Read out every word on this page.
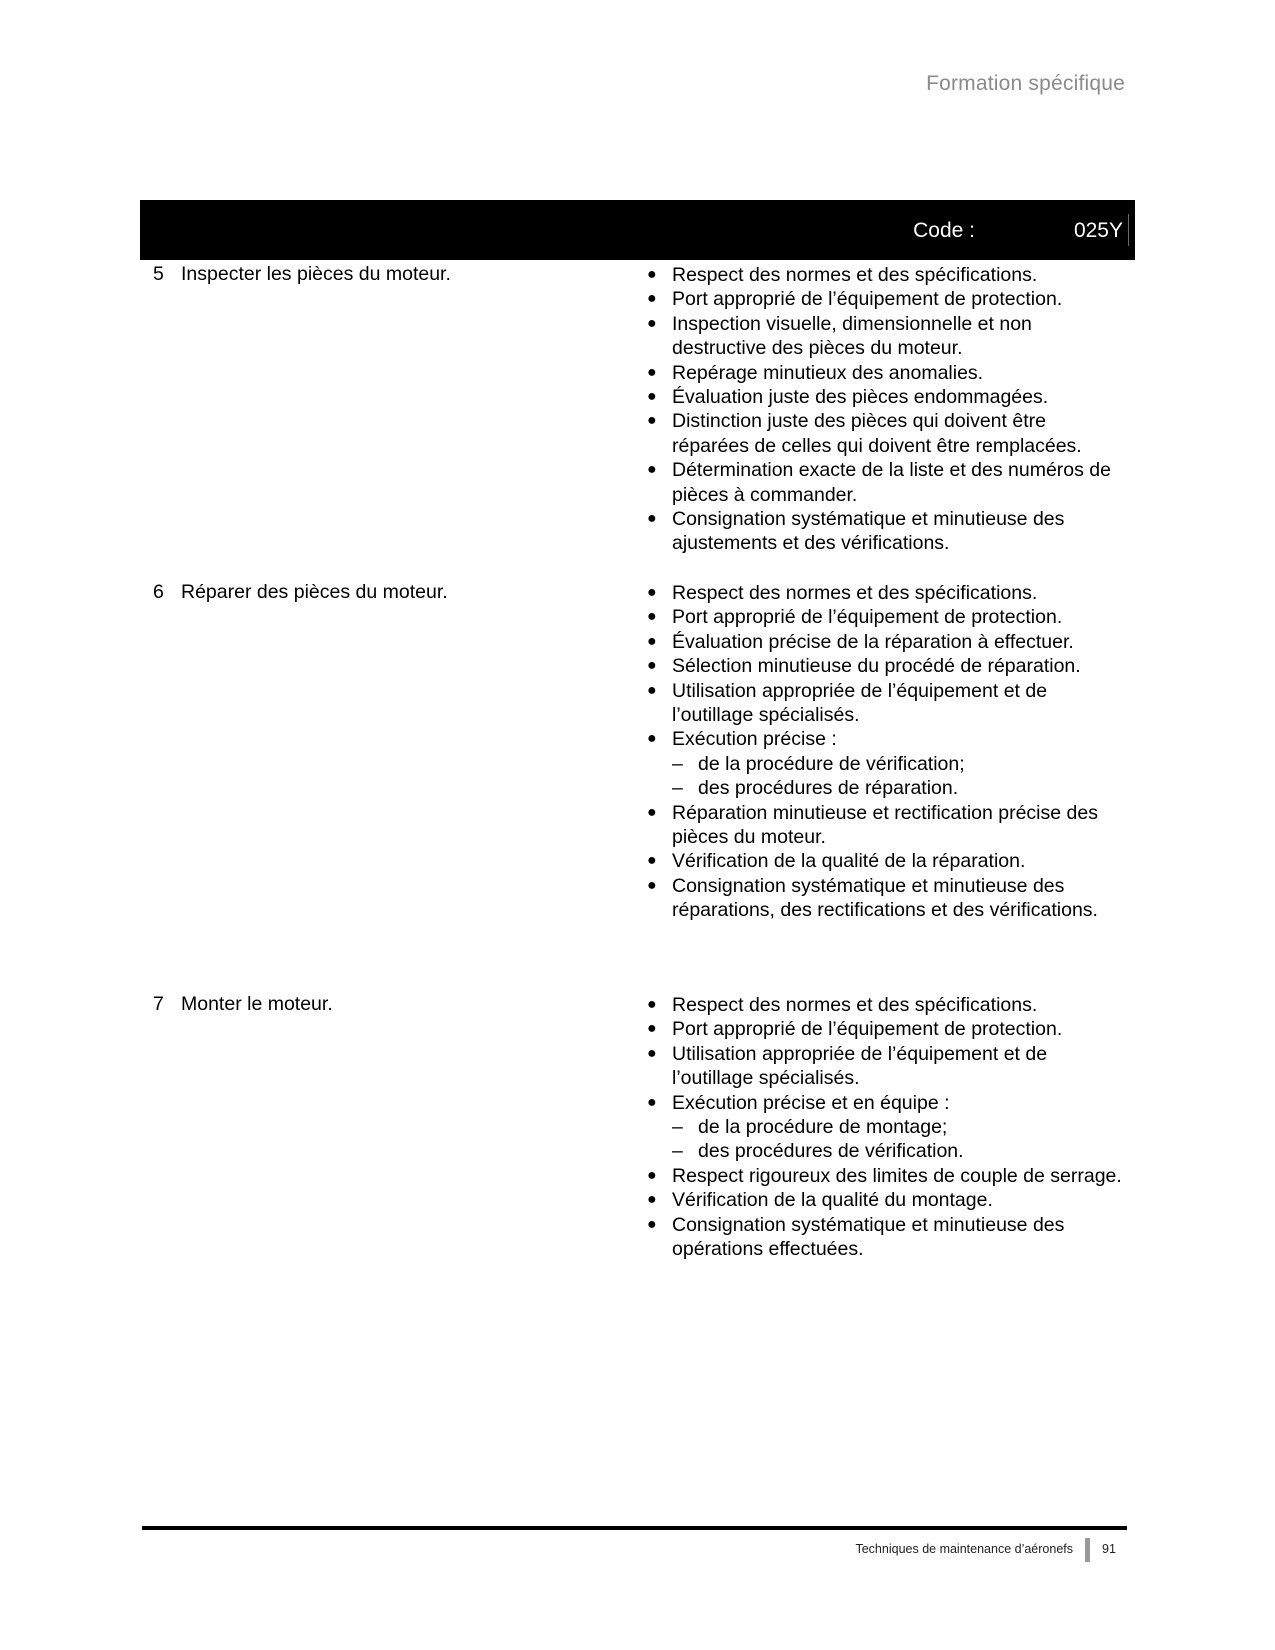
Formation spécifique
Code :	025Y
5 Inspecter les pièces du moteur.	● Respect des normes et des spécifications.
● Port approprié de l’équipement de protection.
● Inspection visuelle, dimensionnelle et non destructive des pièces du moteur.
● Repérage minutieux des anomalies.
● Évaluation juste des pièces endommagées.
● Distinction juste des pièces qui doivent être réparées de celles qui doivent être remplacées.
● Détermination exacte de la liste et des numéros de pièces à commander.
● Consignation systématique et minutieuse des ajustements et des vérifications.
6 Réparer des pièces du moteur.	● Respect des normes et des spécifications.
● Port approprié de l’équipement de protection.
● Évaluation précise de la réparation à effectuer.
● Sélection minutieuse du procédé de réparation.
● Utilisation appropriée de l’équipement et de l’outillage spécialisés.
● Exécution précise :
– de la procédure de vérification;
– des procédures de réparation.
● Réparation minutieuse et rectification précise des pièces du moteur.
● Vérification de la qualité de la réparation.
● Consignation systématique et minutieuse des réparations, des rectifications et des vérifications.
7 Monter le moteur.	● Respect des normes et des spécifications.
● Port approprié de l’équipement de protection.
● Utilisation appropriée de l’équipement et de l’outillage spécialisés.
● Exécution précise et en équipe :
– de la procédure de montage;
– des procédures de vérification.
● Respect rigoureux des limites de couple de serrage.
● Vérification de la qualité du montage.
● Consignation systématique et minutieuse des opérations effectuées.
Techniques de maintenance d’aéronefs 91
